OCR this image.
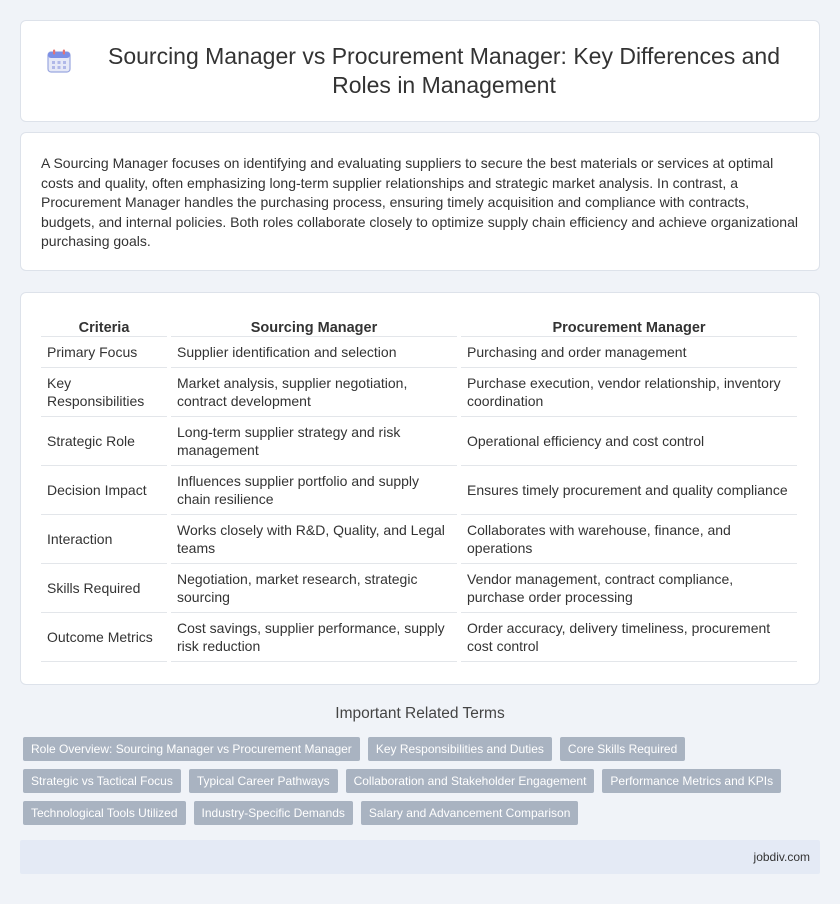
Sourcing Manager vs Procurement Manager: Key Differences and Roles in Management

A Sourcing Manager focuses on identifying and evaluating suppliers to secure the best materials or services at optimal costs and quality, often emphasizing long-term supplier relationships and strategic market analysis. In contrast, a Procurement Manager handles the purchasing process, ensuring timely acquisition and compliance with contracts, budgets, and internal policies. Both roles collaborate closely to optimize supply chain efficiency and achieve organizational purchasing goals.

Criteria	Sourcing Manager	Procurement Manager
Primary Focus	Supplier identification and selection	Purchasing and order management
Key Responsibilities	Market analysis, supplier negotiation, contract development	Purchase execution, vendor relationship, inventory coordination
Strategic Role	Long-term supplier strategy and risk management	Operational efficiency and cost control
Decision Impact	Influences supplier portfolio and supply chain resilience	Ensures timely procurement and quality compliance
Interaction	Works closely with R&D, Quality, and Legal teams	Collaborates with warehouse, finance, and operations
Skills Required	Negotiation, market research, strategic sourcing	Vendor management, contract compliance, purchase order processing
Outcome Metrics	Cost savings, supplier performance, supply risk reduction	Order accuracy, delivery timeliness, procurement cost control
Important Related Terms
Role Overview: Sourcing Manager vs Procurement Manager	Key Responsibilities and Duties	Core Skills Required
Strategic vs Tactical Focus	Typical Career Pathways	Collaboration and Stakeholder Engagement	Performance Metrics and KPIs
Technological Tools Utilized	Industry-Specific Demands	Salary and Advancement Comparison
jobdiv.com
